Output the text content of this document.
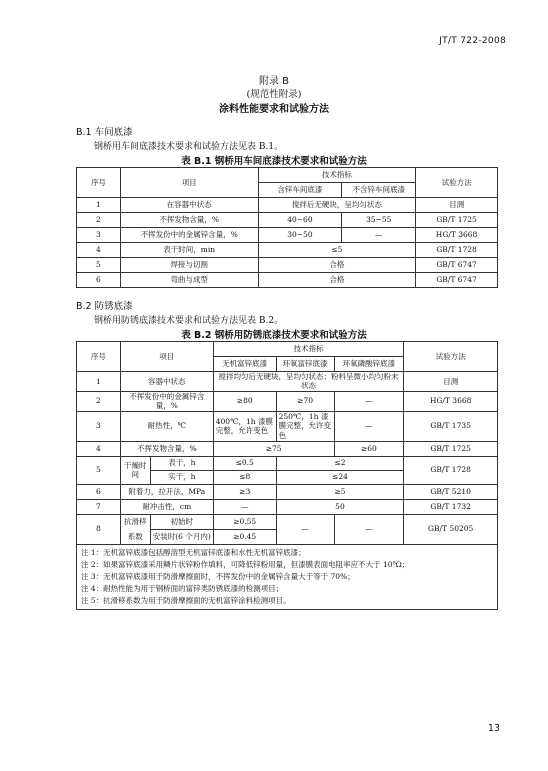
JT/T 722-2008
附录 B
(规范性附录)
涂料性能要求和试验方法
B.1 车间底漆
钢桥用车间底漆技术要求和试验方法见表 B.1。
表 B.1 钢桥用车间底漆技术要求和试验方法
序号	项目	技术指标		试验方法
		含锌车间底漆	不含锌车间底漆	
1	在容器中状态	搅拌后无硬块，呈均匀状态		目测
2	不挥发物含量，%	40~60	35~55	GB/T 1725
3	不挥发份中的金属锌含量，%	30~50	—	HG/T 3668
4	表干时间，min	≤5		GB/T 1728
5	焊接与切割	合格		GB/T 6747
6	弯曲与成型	合格		GB/T 6747
B.2 防锈底漆
钢桥用防锈底漆技术要求和试验方法见表 B.2。
表 B.2 钢桥用防锈底漆技术要求和试验方法
序号	项目		技术指标			试验方法
			无机富锌底漆	环氧富锌底漆	环氧磷酸锌底漆	
1	容器中状态		搅拌均匀后无硬块，呈均匀状态；粉料呈微小均匀粉末状态			目测
2	不挥发份中的金属锌含量，%		≥80	≥70	—	HG/T 3668
3	耐热性，℃		400℃，1h 漆膜完整，允许变色	250℃，1h 漆膜完整，允许变色	—	GB/T 1735
4	不挥发物含量，%		≥75		≥60	GB/T 1725
5	干燥时间	表干，h	≤0.5	≤2		GB/T 1728
		实干，h	≤8	≤24		
6	附着力，拉开法，MPa		≥3	≥5		GB/T 5210
7	耐冲击性，cm		—	50		GB/T 1732
8	抗滑移	初始时	≥0.55	—	—	GB/T 50205
	系数	安装时(6 个月内)	≥0.45			

注 1：无机富锌底漆包括醇溶型无机富锌底漆和水性无机富锌底漆；
注 2：如果富锌底漆采用鳞片状锌粉作填料，可降低锌粉用量，但漆膜表面电阻率应不大于 10⁸Ω；
注 3：无机富锌底漆用于防滑摩擦面时，不挥发份中的金属锌含量大于等于 70%；
注 4：耐热性能为用于钢桥面的富锌类防锈底漆的检测项目；
注 5：抗滑移系数为用于防滑摩擦面的无机富锌涂料检测项目。						
13
